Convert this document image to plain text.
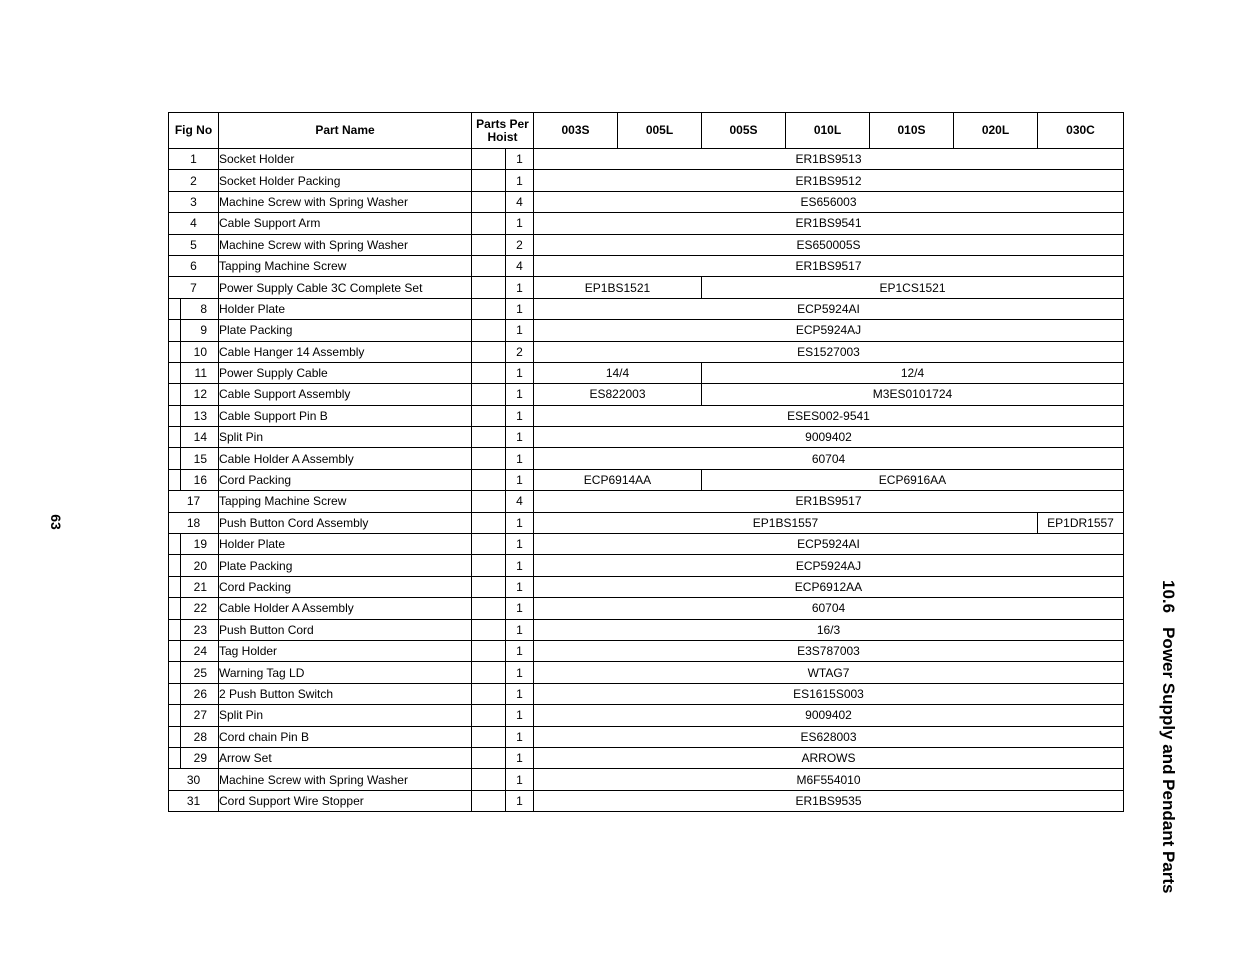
Fig No	Part Name	Parts Per Hoist		003S	005L	005S	010L	010S	020L	030C
1	Socket Holder		1	ER1BS9513						
2	Socket Holder Packing		1	ER1BS9512						
3	Machine Screw with Spring Washer		4	ES656003						
4	Cable Support Arm		1	ER1BS9541						
5	Machine Screw with Spring Washer		2	ES650005S						
6	Tapping Machine Screw		4	ER1BS9517						
7	Power Supply Cable 3C Complete Set		1	EP1BS1521		EP1CS1521				
8	Holder Plate		1	ECP5924AI						
9	Plate Packing		1	ECP5924AJ						
10	Cable Hanger 14 Assembly		2	ES1527003						
11	Power Supply Cable		1	14/4		12/4				
12	Cable Support Assembly		1	ES822003		M3ES0101724				
13	Cable Support Pin B		1	ESES002-9541						
14	Split Pin		1	9009402						
15	Cable Holder A Assembly		1	60704						
16	Cord Packing		1	ECP6914AA		ECP6916AA				
17	Tapping Machine Screw		4	ER1BS9517						
18	Push Button Cord Assembly		1	EP1BS1557						EP1DR1557
19	Holder Plate		1	ECP5924AI						
20	Plate Packing		1	ECP5924AJ						
21	Cord Packing		1	ECP6912AA						
22	Cable Holder A Assembly		1	60704						
23	Push Button Cord		1	16/3						
24	Tag Holder		1	E3S787003						
25	Warning Tag LD		1	WTAG7						
26	2 Push Button Switch		1	ES1615S003						
27	Split Pin		1	9009402						
28	Cord chain Pin B		1	ES628003						
29	Arrow Set		1	ARROWS						
30	Machine Screw with Spring Washer		1	M6F554010						
31	Cord Support Wire Stopper		1	ER1BS9535						
63
10.6Power Supply and Pendant Parts
